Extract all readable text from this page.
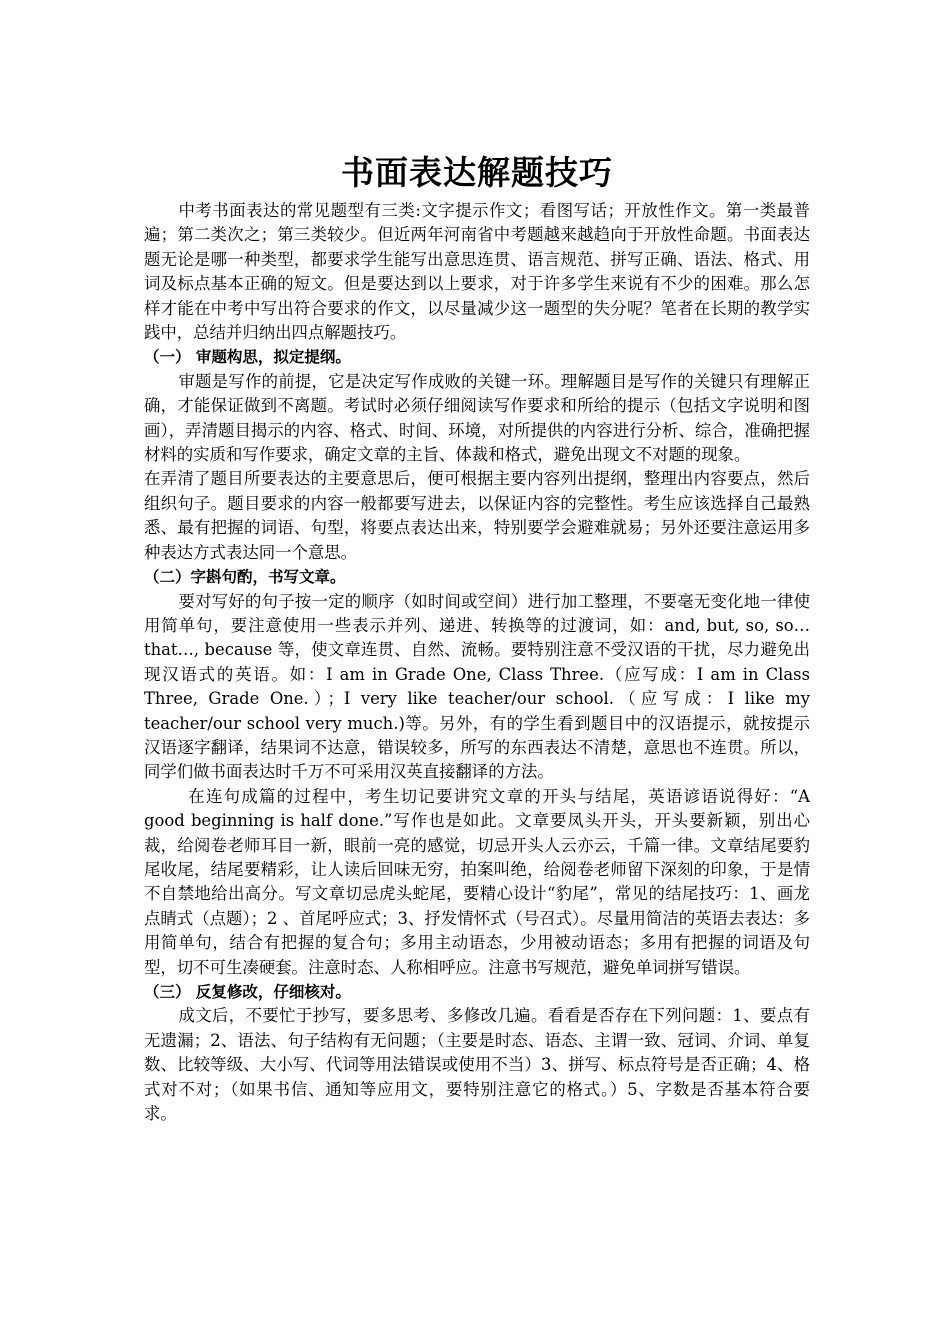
书面表达解题技巧

中考书面表达的常见题型有三类:文字提示作文；看图写话；开放性作文。第一类最普遍；第二类次之；第三类较少。但近两年河南省中考题越来越趋向于开放性命题。书面表达题无论是哪一种类型，都要求学生能写出意思连贯、语言规范、拼写正确、语法、格式、用词及标点基本正确的短文。但是要达到以上要求，对于许多学生来说有不少的困难。那么怎样才能在中考中写出符合要求的作文，以尽量减少这一题型的失分呢？笔者在长期的教学实践中，总结并归纳出四点解题技巧。

（一） 审题构思，拟定提纲。

审题是写作的前提，它是决定写作成败的关键一环。理解题目是写作的关键只有理解正确，才能保证做到不离题。考试时必须仔细阅读写作要求和所给的提示（包括文字说明和图画），弄清题目揭示的内容、格式、时间、环境，对所提供的内容进行分析、综合，准确把握材料的实质和写作要求，确定文章的主旨、体裁和格式，避免出现文不对题的现象。

在弄清了题目所要表达的主要意思后，便可根据主要内容列出提纲，整理出内容要点，然后组织句子。题目要求的内容一般都要写进去，以保证内容的完整性。考生应该选择自己最熟悉、最有把握的词语、句型，将要点表达出来，特别要学会避难就易；另外还要注意运用多种表达方式表达同一个意思。

（二）字斟句酌，书写文章。

要对写好的句子按一定的顺序（如时间或空间）进行加工整理，不要毫无变化地一律使用简单句，要注意使用一些表示并列、递进、转换等的过渡词，如：and, but, so, so…that…, because 等，使文章连贯、自然、流畅。要特别注意不受汉语的干扰，尽力避免出现汉语式的英语。如：I am in Grade One, Class Three.（应写成：I am in Class Three, Grade One.）；I very like teacher/our school.（应写成：I like my teacher/our school very much.)等。另外，有的学生看到题目中的汉语提示，就按提示汉语逐字翻译，结果词不达意，错误较多，所写的东西表达不清楚，意思也不连贯。所以，同学们做书面表达时千万不可采用汉英直接翻译的方法。

在连句成篇的过程中，考生切记要讲究文章的开头与结尾，英语谚语说得好：“A good beginning is half done.”写作也是如此。文章要凤头开头，开头要新颖，别出心裁，给阅卷老师耳目一新，眼前一亮的感觉，切忌开头人云亦云，千篇一律。文章结尾要豹尾收尾，结尾要精彩，让人读后回味无穷，拍案叫绝，给阅卷老师留下深刻的印象，于是情不自禁地给出高分。写文章切忌虎头蛇尾，要精心设计“豹尾”，常见的结尾技巧：1、画龙点睛式（点题）；2 、首尾呼应式；3、抒发情怀式（号召式）。尽量用简洁的英语去表达：多用简单句，结合有把握的复合句；多用主动语态，少用被动语态；多用有把握的词语及句型，切不可生凑硬套。注意时态、人称相呼应。注意书写规范，避免单词拼写错误。

（三） 反复修改，仔细核对。

成文后，不要忙于抄写，要多思考、多修改几遍。看看是否存在下列问题：1、要点有无遗漏；2、语法、句子结构有无问题；（主要是时态、语态、主谓一致、冠词、介词、单复数、比较等级、大小写、代词等用法错误或使用不当）3、拼写、标点符号是否正确；4、格式对不对；（如果书信、通知等应用文，要特别注意它的格式。）5、字数是否基本符合要求。
